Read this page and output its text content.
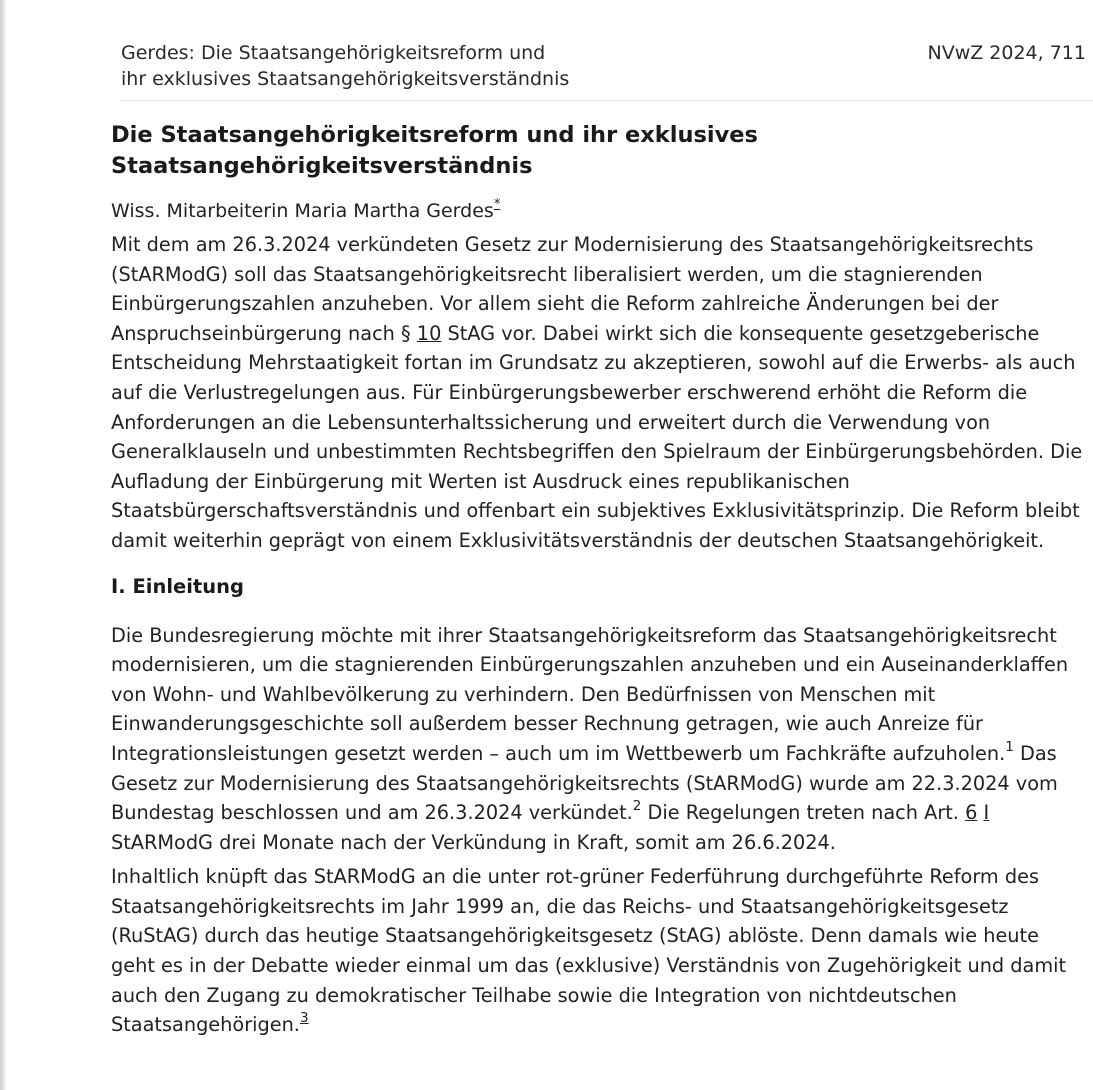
Gerdes: Die Staatsangehörigkeitsreform und
ihr exklusives Staatsangehörigkeitsverständnis
NVwZ 2024, 711
Die Staatsangehörigkeitsreform und ihr exklusives
Staatsangehörigkeitsverständnis
Wiss. Mitarbeiterin Maria Martha Gerdes*

Mit dem am 26.3.2024 verkündeten Gesetz zur Modernisierung des Staatsangehörigkeitsrechts (StARModG) soll das Staatsangehörigkeitsrecht liberalisiert werden, um die stagnierenden Einbürgerungszahlen anzuheben. Vor allem sieht die Reform zahlreiche Änderungen bei der Anspruchseinbürgerung nach § 10 StAG vor. Dabei wirkt sich die konsequente gesetzgeberische Entscheidung Mehrstaatigkeit fortan im Grundsatz zu akzeptieren, sowohl auf die Erwerbs- als auch auf die Verlustregelungen aus. Für Einbürgerungsbewerber erschwerend erhöht die Reform die Anforderungen an die Lebensunterhaltssicherung und erweitert durch die Verwendung von Generalklauseln und unbestimmten Rechtsbegriffen den Spielraum der Einbürgerungsbehörden. Die Aufladung der Einbürgerung mit Werten ist Ausdruck eines republikanischen Staatsbürgerschaftsverständnis und offenbart ein subjektives Exklusivitätsprinzip. Die Reform bleibt damit weiterhin geprägt von einem Exklusivitätsverständnis der deutschen Staatsangehörigkeit.

I. Einleitung

Die Bundesregierung möchte mit ihrer Staatsangehörigkeitsreform das Staatsangehörigkeitsrecht modernisieren, um die stagnierenden Einbürgerungszahlen anzuheben und ein Auseinanderklaffen von Wohn- und Wahlbevölkerung zu verhindern. Den Bedürfnissen von Menschen mit Einwanderungsgeschichte soll außerdem besser Rechnung getragen, wie auch Anreize für Integrationsleistungen gesetzt werden – auch um im Wettbewerb um Fachkräfte aufzuholen.$^1$ Das Gesetz zur Modernisierung des Staatsangehörigkeitsrechts (StARModG) wurde am 22.3.2024 vom Bundestag beschlossen und am 26.3.2024 verkündet.$^2$ Die Regelungen treten nach Art. 6 I StARModG drei Monate nach der Verkündung in Kraft, somit am 26.6.2024.

Inhaltlich knüpft das StARModG an die unter rot-grüner Federführung durchgeführte Reform des Staatsangehörigkeitsrechts im Jahr 1999 an, die das Reichs- und Staatsangehörigkeitsgesetz (RuStAG) durch das heutige Staatsangehörigkeitsgesetz (StAG) ablöste. Denn damals wie heute geht es in der Debatte wieder einmal um das (exklusive) Verständnis von Zugehörigkeit und damit auch den Zugang zu demokratischer Teilhabe sowie die Integration von nichtdeutschen Staatsangehörigen.$^3$
